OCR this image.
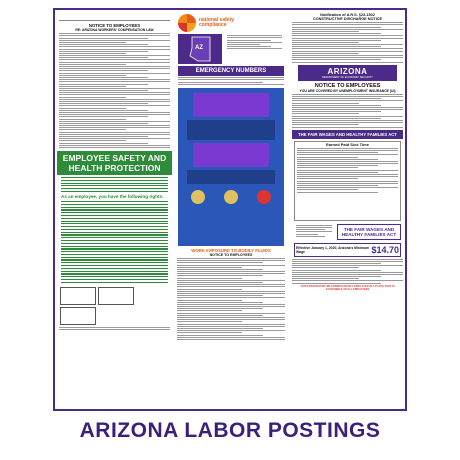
NOTICE TO EMPLOYEES
RE: ARIZONA WORKERS' COMPENSATION LAW
EMPLOYEE SAFETY AND HEALTH PROTECTION
As an employee, you have the following rights:
national safety compliance
AZ
EMERGENCY NUMBERS
WORK EXPOSURE TO BODILY FLUIDS
NOTICE TO EMPLOYEES
Notification of A.R.S. §23-1502
CONSTRUCTIVE DISCHARGE NOTICE
ARIZONA
DEPARTMENT OF ECONOMIC SECURITY
NOTICE TO EMPLOYEES
YOU ARE COVERED BY UNEMPLOYMENT INSURANCE (UI)
THE FAIR WAGES AND HEALTHY FAMILIES ACT
Earned Paid Sick Time
THE FAIR WAGES AND HEALTHY FAMILIES ACT
Effective January 1, 2020, Arizona's Minimum Wage	$14.70
THIS POSTER MUST BE CONSPICUOUSLY DISPLAYED IN A PLACE THAT IS ACCESSIBLE TO ALL EMPLOYEES
ARIZONA LABOR POSTINGS
